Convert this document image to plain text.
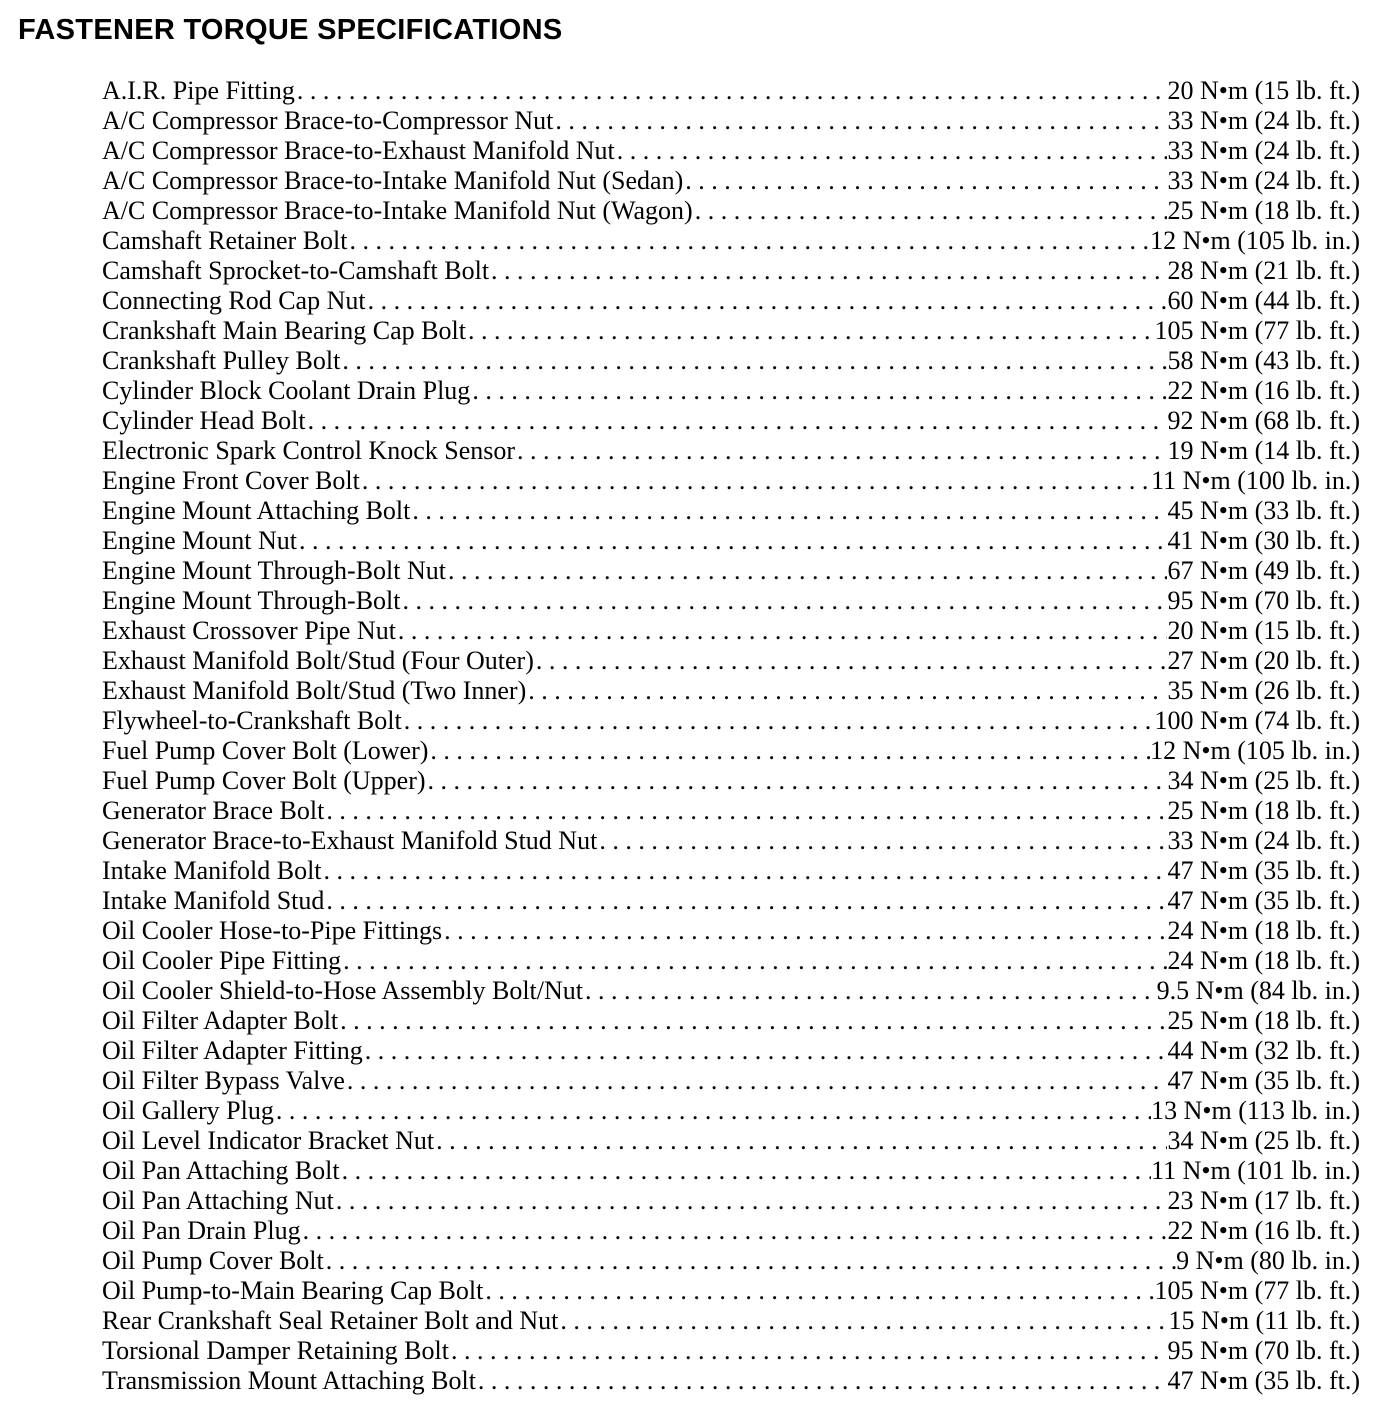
FASTENER TORQUE SPECIFICATIONS
A.I.R. Pipe Fitting . . .	20 N•m (15 lb. ft.)
A/C Compressor Brace-to-Compressor Nut . . .	33 N•m (24 lb. ft.)
A/C Compressor Brace-to-Exhaust Manifold Nut . . .	33 N•m (24 lb. ft.)
A/C Compressor Brace-to-Intake Manifold Nut (Sedan) . . .	33 N•m (24 lb. ft.)
A/C Compressor Brace-to-Intake Manifold Nut (Wagon) . . .	25 N•m (18 lb. ft.)
Camshaft Retainer Bolt . . .	12 N•m (105 lb. in.)
Camshaft Sprocket-to-Camshaft Bolt . . .	28 N•m (21 lb. ft.)
Connecting Rod Cap Nut . . .	60 N•m (44 lb. ft.)
Crankshaft Main Bearing Cap Bolt . . .	105 N•m (77 lb. ft.)
Crankshaft Pulley Bolt . . .	58 N•m (43 lb. ft.)
Cylinder Block Coolant Drain Plug . . .	22 N•m (16 lb. ft.)
Cylinder Head Bolt . . .	92 N•m (68 lb. ft.)
Electronic Spark Control Knock Sensor . . .	19 N•m (14 lb. ft.)
Engine Front Cover Bolt . . .	11 N•m (100 lb. in.)
Engine Mount Attaching Bolt . . .	45 N•m (33 lb. ft.)
Engine Mount Nut . . .	41 N•m (30 lb. ft.)
Engine Mount Through-Bolt Nut . . .	67 N•m (49 lb. ft.)
Engine Mount Through-Bolt . . .	95 N•m (70 lb. ft.)
Exhaust Crossover Pipe Nut . . .	20 N•m (15 lb. ft.)
Exhaust Manifold Bolt/Stud (Four Outer) . . .	27 N•m (20 lb. ft.)
Exhaust Manifold Bolt/Stud (Two Inner) . . .	35 N•m (26 lb. ft.)
Flywheel-to-Crankshaft Bolt . . .	100 N•m (74 lb. ft.)
Fuel Pump Cover Bolt (Lower) . . .	12 N•m (105 lb. in.)
Fuel Pump Cover Bolt (Upper) . . .	34 N•m (25 lb. ft.)
Generator Brace Bolt . . .	25 N•m (18 lb. ft.)
Generator Brace-to-Exhaust Manifold Stud Nut . . .	33 N•m (24 lb. ft.)
Intake Manifold Bolt . . .	47 N•m (35 lb. ft.)
Intake Manifold Stud . . .	47 N•m (35 lb. ft.)
Oil Cooler Hose-to-Pipe Fittings . . .	24 N•m (18 lb. ft.)
Oil Cooler Pipe Fitting . . .	24 N•m (18 lb. ft.)
Oil Cooler Shield-to-Hose Assembly Bolt/Nut . . .	9.5 N•m (84 lb. in.)
Oil Filter Adapter Bolt . . .	25 N•m (18 lb. ft.)
Oil Filter Adapter Fitting . . .	44 N•m (32 lb. ft.)
Oil Filter Bypass Valve . . .	47 N•m (35 lb. ft.)
Oil Gallery Plug . . .	13 N•m (113 lb. in.)
Oil Level Indicator Bracket Nut . . .	34 N•m (25 lb. ft.)
Oil Pan Attaching Bolt . . .	11 N•m (101 lb. in.)
Oil Pan Attaching Nut . . .	23 N•m (17 lb. ft.)
Oil Pan Drain Plug . . .	22 N•m (16 lb. ft.)
Oil Pump Cover Bolt . . .	9 N•m (80 lb. in.)
Oil Pump-to-Main Bearing Cap Bolt . . .	105 N•m (77 lb. ft.)
Rear Crankshaft Seal Retainer Bolt and Nut . . .	15 N•m (11 lb. ft.)
Torsional Damper Retaining Bolt . . .	95 N•m (70 lb. ft.)
Transmission Mount Attaching Bolt . . .	47 N•m (35 lb. ft.)
